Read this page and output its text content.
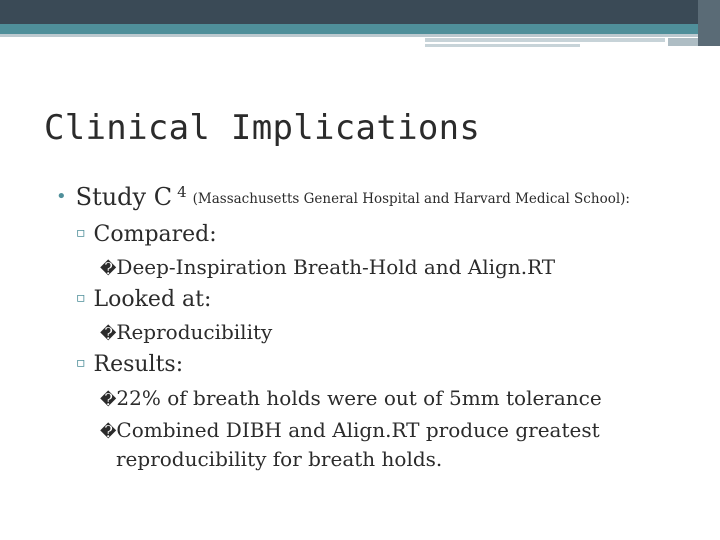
Clinical Implications
• Study C $^4$ (Massachusetts General Hospital and Harvard Medical School):
▫ Compared:
�Deep-Inspiration Breath-Hold and Align.RT
▫ Looked at:
�Reproducibility
▫ Results:
�22% of breath holds were out of 5mm tolerance
�Combined DIBH and Align.RT produce greatest
reproducibility for breath holds.
